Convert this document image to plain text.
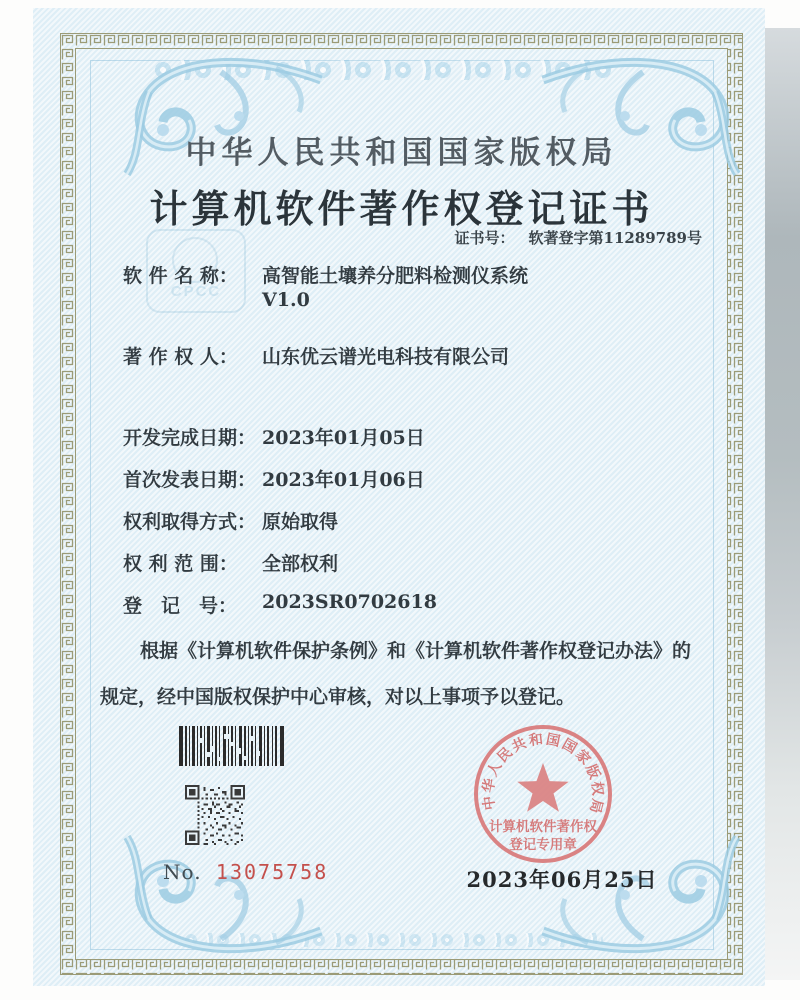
CPCC
中华人民共和国国家版权局
计算机软件著作权登记证书
证书号： 软著登字第11289789号
软 件 名 称：	高智能土壤养分肥料检测仪系统
V1.0
著 作 权 人：	山东优云谱光电科技有限公司
开发完成日期： 2023年01月05日
首次发表日期： 2023年01月06日
权利取得方式： 原始取得
权 利 范 围：	全部权利
登　记　号：	2023SR0702618
根据《计算机软件保护条例》和《计算机软件著作权登记办法》的
规定，经中国版权保护中心审核，对以上事项予以登记。
No. 13075758
中华人民共和国国家版权局
计算机软件著作权
登记专用章
2023年06月25日
